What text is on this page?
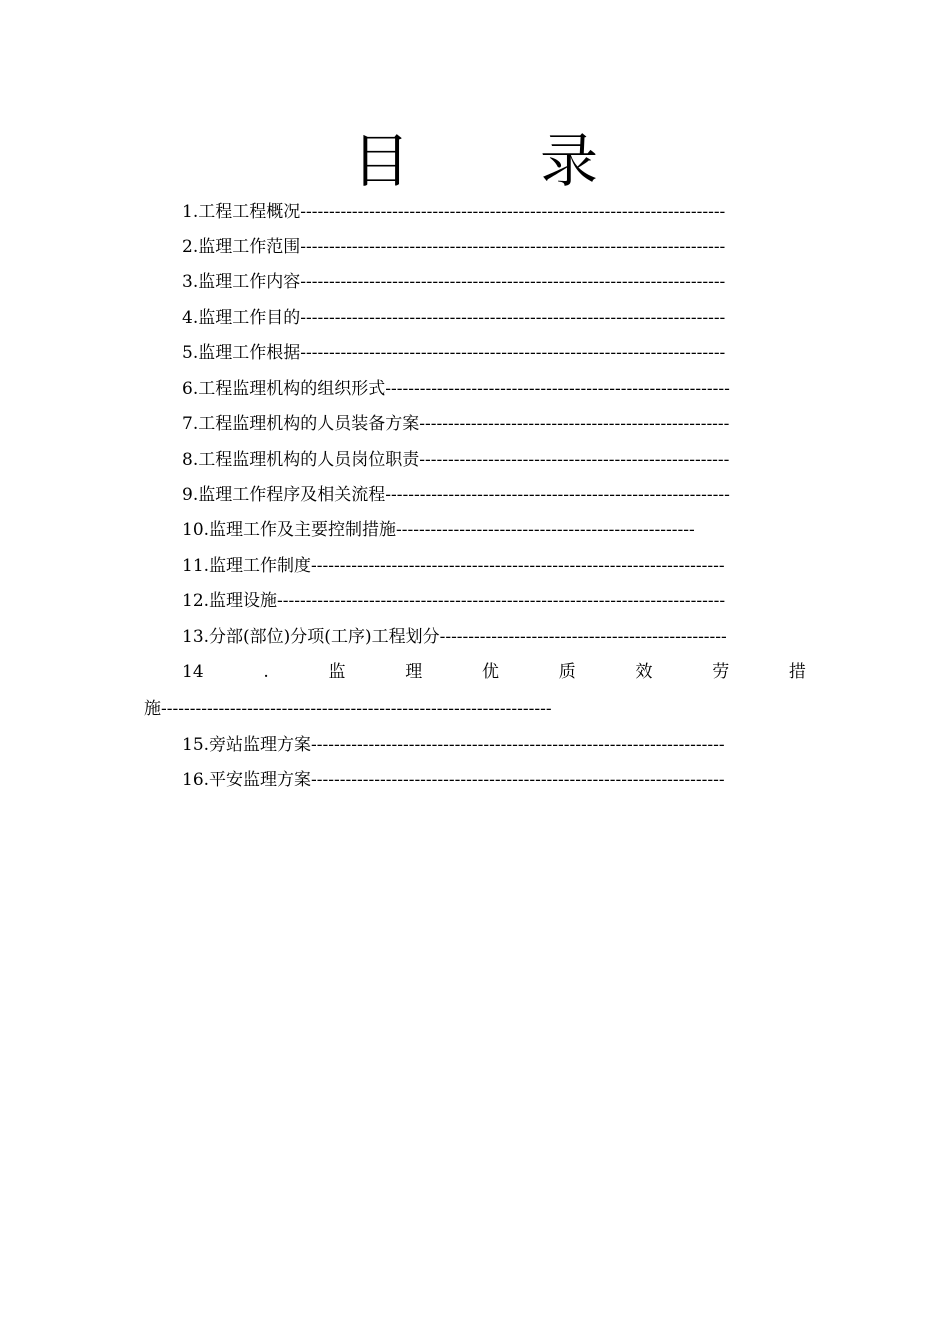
目　录
1.工程工程概况--------------------------------------------------------------------------
2.监理工作范围--------------------------------------------------------------------------
3.监理工作内容--------------------------------------------------------------------------
4.监理工作目的--------------------------------------------------------------------------
5.监理工作根据--------------------------------------------------------------------------
6.工程监理机构的组织形式------------------------------------------------------------
7.工程监理机构的人员装备方案------------------------------------------------------
8.工程监理机构的人员岗位职责------------------------------------------------------
9.监理工作程序及相关流程------------------------------------------------------------
10.监理工作及主要控制措施----------------------------------------------------
11.监理工作制度------------------------------------------------------------------------
12.监理设施------------------------------------------------------------------------------
13.分部(部位)分项(工序)工程划分--------------------------------------------------
14	.	监	理	优	质	效	劳	措
施--------------------------------------------------------------------
15.旁站监理方案------------------------------------------------------------------------
16.平安监理方案------------------------------------------------------------------------
